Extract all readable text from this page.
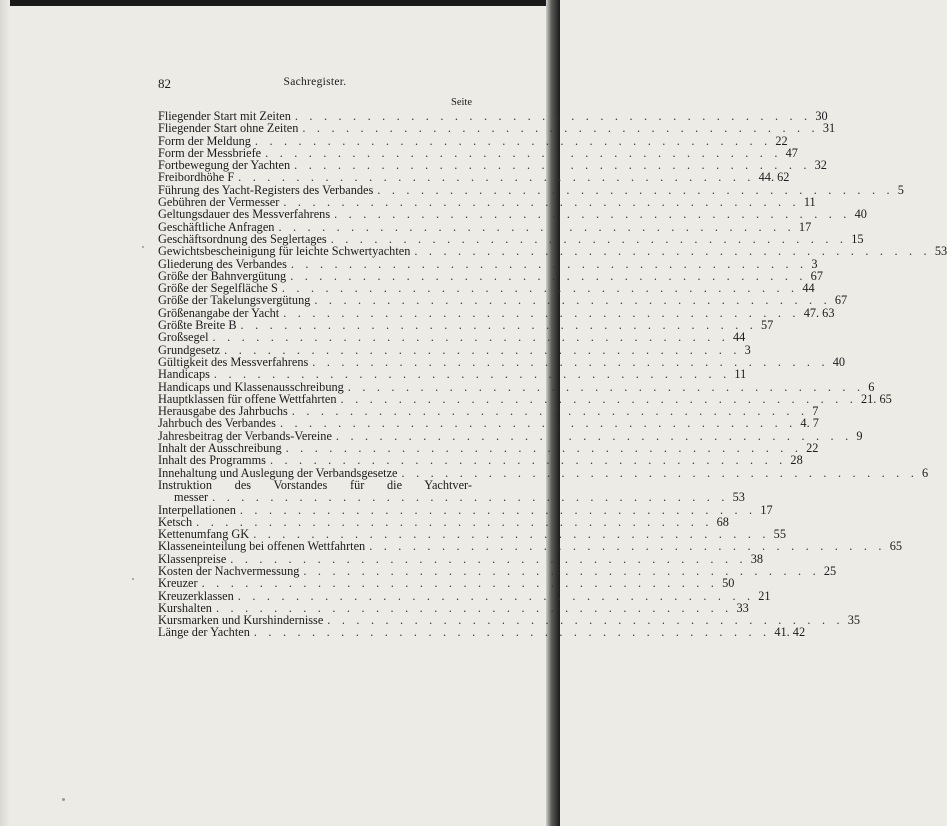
82	Sachregister.
Seite
Fliegender Start mit Zeiten . . . . . . . . . . . . . . . . . . . . . . . . . . . . . . . . . . . . 30
Fliegender Start ohne Zeiten . . . . . . . . . . . . . . . . . . . . . . . . . . . . . . . . . . . . 31
Form der Meldung . . . . . . . . . . . . . . . . . . . . . . . . . . . . . . . . . . . . 22
Form der Messbriefe . . . . . . . . . . . . . . . . . . . . . . . . . . . . . . . . . . . . 47
Fortbewegung der Yachten . . . . . . . . . . . . . . . . . . . . . . . . . . . . . . . . . . . . 32
Freibordhöhe F . . . . . . . . . . . . . . . . . . . . . . . . . . . . . . . . . . . . 44. 62
Führung des Yacht-Registers des Verbandes . . . . . . . . . . . . . . . . . . . . . . . . . . . . . . . . . . . . 5
Gebühren der Vermesser . . . . . . . . . . . . . . . . . . . . . . . . . . . . . . . . . . . . 11
Geltungsdauer des Messverfahrens . . . . . . . . . . . . . . . . . . . . . . . . . . . . . . . . . . . . 40
Geschäftliche Anfragen . . . . . . . . . . . . . . . . . . . . . . . . . . . . . . . . . . . . 17
Geschäftsordnung des Seglertages . . . . . . . . . . . . . . . . . . . . . . . . . . . . . . . . . . . . 15
Gewichtsbescheinigung für leichte Schwertyachten . . . . . . . . . . . . . . . . . . . . . . . . . . . . . . . . . . . . 53
Gliederung des Verbandes . . . . . . . . . . . . . . . . . . . . . . . . . . . . . . . . . . . . 3
Größe der Bahnvergütung . . . . . . . . . . . . . . . . . . . . . . . . . . . . . . . . . . . . 67
Größe der Segelfläche S . . . . . . . . . . . . . . . . . . . . . . . . . . . . . . . . . . . . 44
Größe der Takelungsvergütung . . . . . . . . . . . . . . . . . . . . . . . . . . . . . . . . . . . . 67
Größenangabe der Yacht . . . . . . . . . . . . . . . . . . . . . . . . . . . . . . . . . . . . 47. 63
Größte Breite B . . . . . . . . . . . . . . . . . . . . . . . . . . . . . . . . . . . . 57
Großsegel . . . . . . . . . . . . . . . . . . . . . . . . . . . . . . . . . . . . 44
Grundgesetz . . . . . . . . . . . . . . . . . . . . . . . . . . . . . . . . . . . . 3
Gültigkeit des Messverfahrens . . . . . . . . . . . . . . . . . . . . . . . . . . . . . . . . . . . . 40
Handicaps . . . . . . . . . . . . . . . . . . . . . . . . . . . . . . . . . . . . 11
Handicaps und Klassenausschreibung . . . . . . . . . . . . . . . . . . . . . . . . . . . . . . . . . . . . 6
Hauptklassen für offene Wettfahrten . . . . . . . . . . . . . . . . . . . . . . . . . . . . . . . . . . . . 21. 65
Herausgabe des Jahrbuchs . . . . . . . . . . . . . . . . . . . . . . . . . . . . . . . . . . . . 7
Jahrbuch des Verbandes . . . . . . . . . . . . . . . . . . . . . . . . . . . . . . . . . . . . 4. 7
Jahresbeitrag der Verbands-Vereine . . . . . . . . . . . . . . . . . . . . . . . . . . . . . . . . . . . . 9
Inhalt der Ausschreibung . . . . . . . . . . . . . . . . . . . . . . . . . . . . . . . . . . . . 22
Inhalt des Programms . . . . . . . . . . . . . . . . . . . . . . . . . . . . . . . . . . . . 28
Innehaltung und Auslegung der Verbandsgesetze . . . . . . . . . . . . . . . . . . . . . . . . . . . . . . . . . . . . 6
Instruktion des Vorstandes für die Yachtver-
messer . . . . . . . . . . . . . . . . . . . . . . . . . . . . . . . . . . . . 53
Interpellationen . . . . . . . . . . . . . . . . . . . . . . . . . . . . . . . . . . . . 17
Ketsch . . . . . . . . . . . . . . . . . . . . . . . . . . . . . . . . . . . . 68
Kettenumfang GK . . . . . . . . . . . . . . . . . . . . . . . . . . . . . . . . . . . . 55
Klasseneinteilung bei offenen Wettfahrten . . . . . . . . . . . . . . . . . . . . . . . . . . . . . . . . . . . . 65
Klassenpreise . . . . . . . . . . . . . . . . . . . . . . . . . . . . . . . . . . . . 38
Kosten der Nachvermessung . . . . . . . . . . . . . . . . . . . . . . . . . . . . . . . . . . . . 25
Kreuzer . . . . . . . . . . . . . . . . . . . . . . . . . . . . . . . . . . . . 50
Kreuzerklassen . . . . . . . . . . . . . . . . . . . . . . . . . . . . . . . . . . . . 21
Kurshalten . . . . . . . . . . . . . . . . . . . . . . . . . . . . . . . . . . . . 33
Kursmarken und Kurshindernisse . . . . . . . . . . . . . . . . . . . . . . . . . . . . . . . . . . . . 35
Länge der Yachten . . . . . . . . . . . . . . . . . . . . . . . . . . . . . . . . . . . . 41. 42
